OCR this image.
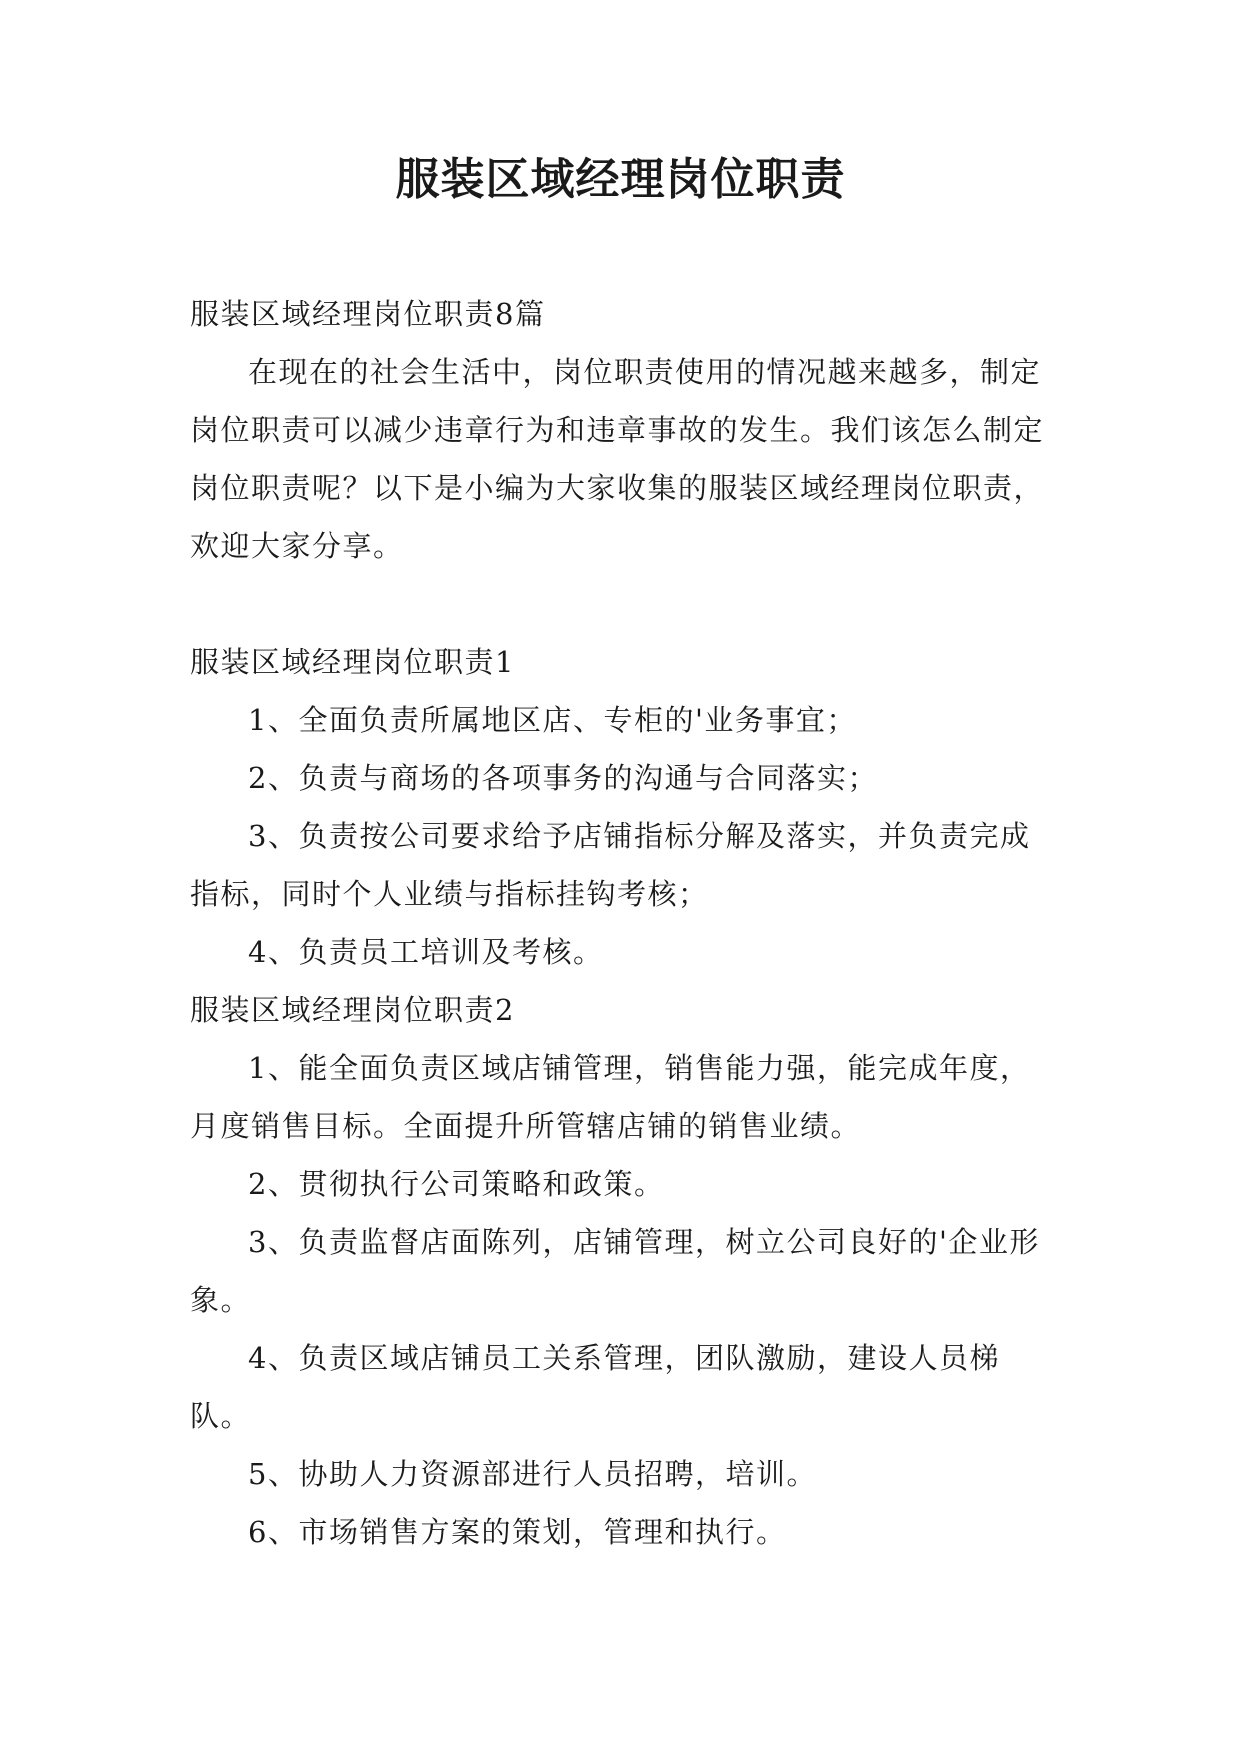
服装区域经理岗位职责

服装区域经理岗位职责8篇

在现在的社会生活中，岗位职责使用的情况越来越多，制定岗位职责可以减少违章行为和违章事故的发生。我们该怎么制定岗位职责呢？以下是小编为大家收集的服装区域经理岗位职责，欢迎大家分享。

服装区域经理岗位职责1

1、全面负责所属地区店、专柜的'业务事宜；

2、负责与商场的各项事务的沟通与合同落实；

3、负责按公司要求给予店铺指标分解及落实，并负责完成指标，同时个人业绩与指标挂钩考核；

4、负责员工培训及考核。

服装区域经理岗位职责2

1、能全面负责区域店铺管理，销售能力强，能完成年度，月度销售目标。全面提升所管辖店铺的销售业绩。

2、贯彻执行公司策略和政策。

3、负责监督店面陈列，店铺管理，树立公司良好的'企业形象。

4、负责区域店铺员工关系管理，团队激励，建设人员梯队。

5、协助人力资源部进行人员招聘，培训。

6、市场销售方案的策划，管理和执行。
